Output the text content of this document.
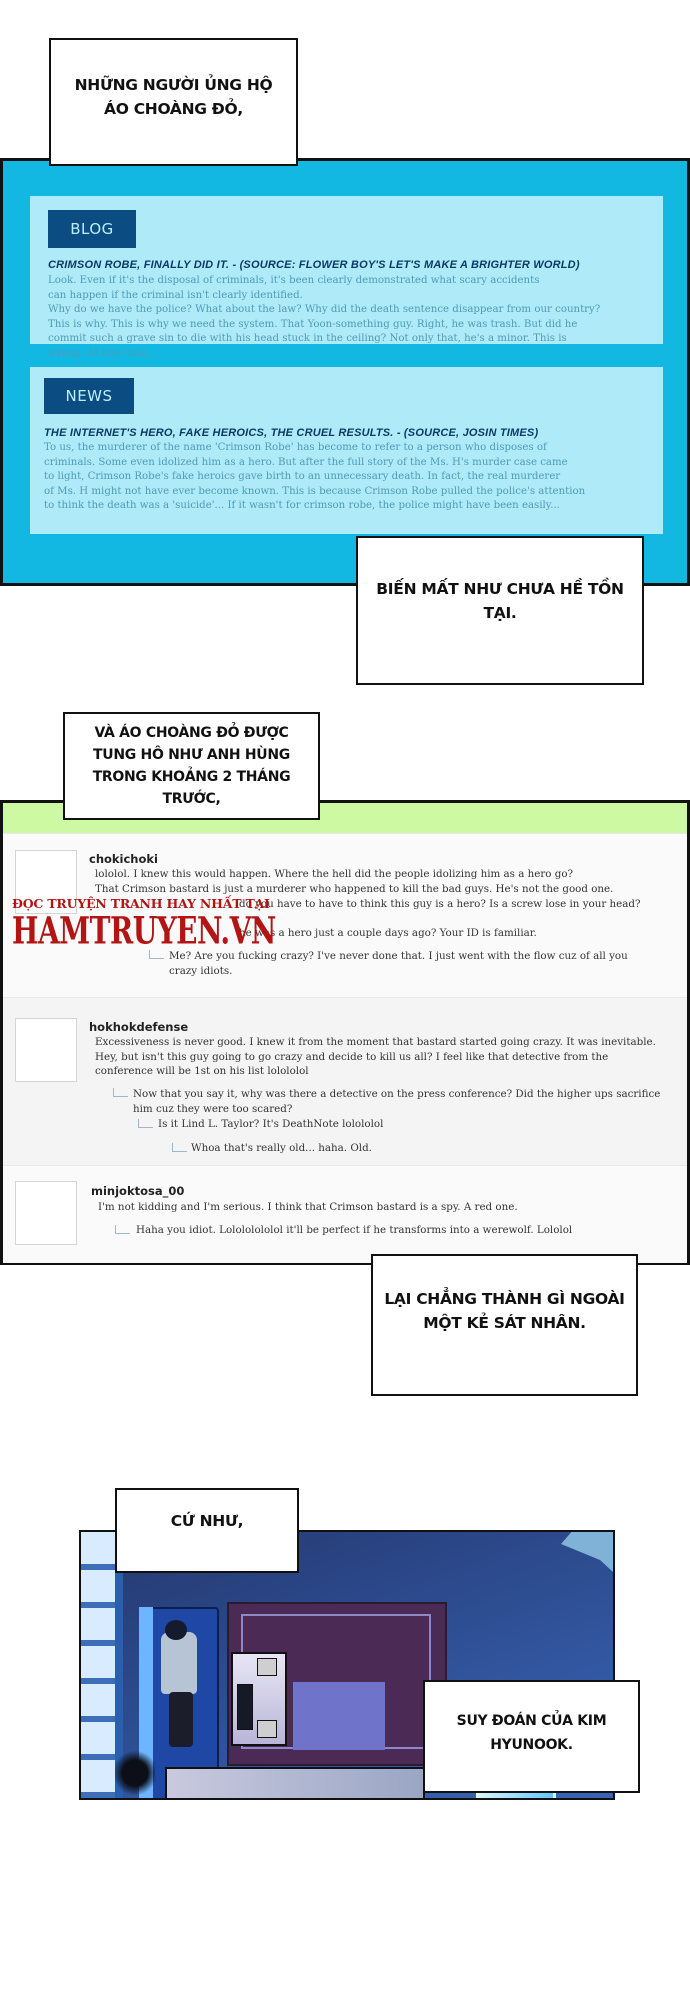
NHỮNG NGƯỜI ỦNG HỘ
ÁO CHOÀNG ĐỎ,
BLOG
CRIMSON ROBE, FINALLY DID IT. - (SOURCE: FLOWER BOY'S LET'S MAKE A BRIGHTER WORLD)
Look. Even if it's the disposal of criminals, it's been clearly demonstrated what scary accidents
can happen if the criminal isn't clearly identified.
Why do we have the police? What about the law? Why did the death sentence disappear from our country?
This is why. This is why we need the system. That Yoon-something guy. Right, he was trash. But did he
commit such a grave sin to die with his head stuck in the ceiling? Not only that, he's a minor. This is
wrong. At one time...
NEWS
THE INTERNET'S HERO, FAKE HEROICS, THE CRUEL RESULTS. - (SOURCE, JOSIN TIMES)
To us, the murderer of the name 'Crimson Robe' has become to refer to a person who disposes of
criminals. Some even idolized him as a hero. But after the full story of the Ms. H's murder case came
to light, Crimson Robe's fake heroics gave birth to an unnecessary death. In fact, the real murderer
of Ms. H might not have ever become known. This is because Crimson Robe pulled the police's attention
to think the death was a 'suicide'... If it wasn't for crimson robe, the police might have been easily...
BIẾN MẤT NHƯ CHƯA HỀ TỒN
TẠI.
VÀ ÁO CHOÀNG ĐỎ ĐƯỢC
TUNG HÔ NHƯ ANH HÙNG
TRONG KHOẢNG 2 THÁNG
TRƯỚC,
chokichoki
lololol. I knew this would happen. Where the hell did the people idolizing him as a hero go?
That Crimson bastard is just a murderer who happened to kill the bad guys. He's not the good one.
do you have to have to think this guy is a hero? Is a screw lose in your head?
he was a hero just a couple days ago? Your ID is familiar.
Me? Are you fucking crazy? I've never done that. I just went with the flow cuz of all you
crazy idiots.
hokhokdefense
Excessiveness is never good. I knew it from the moment that bastard started going crazy. It was inevitable.
Hey, but isn't this guy going to go crazy and decide to kill us all? I feel like that detective from the
conference will be 1st on his list lolololol
Now that you say it, why was there a detective on the press conference? Did the higher ups sacrifice
him cuz they were too scared?
Is it Lind L. Taylor? It's DeathNote lolololol
Whoa that's really old... haha. Old.
minjoktosa_00
I'm not kidding and I'm serious. I think that Crimson bastard is a spy. A red one.
Haha you idiot. Lolololololol it'll be perfect if he transforms into a werewolf. Lololol
ĐỌC TRUYỆN TRANH HAY NHẤT TẠI
HAMTRUYEN.VN
LẠI CHẲNG THÀNH GÌ NGOÀI
MỘT KẺ SÁT NHÂN.
CỨ NHƯ,
SUY ĐOÁN CỦA KIM
HYUNOOK.
